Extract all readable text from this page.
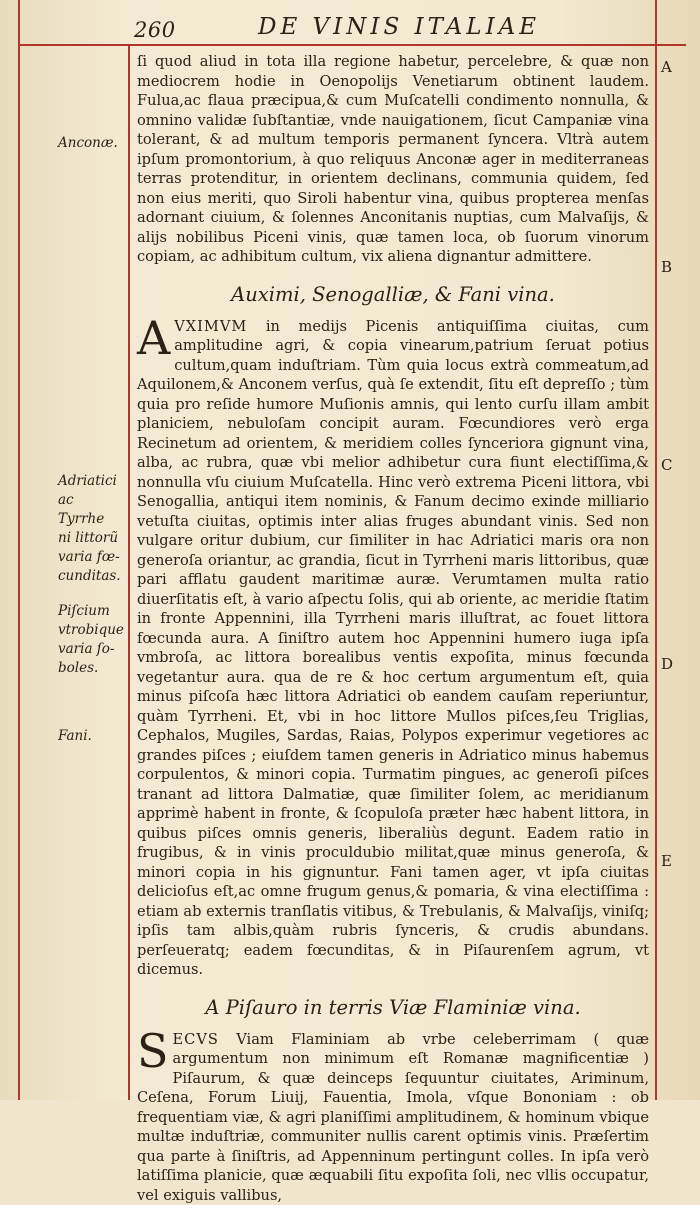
260	DE VINIS ITALIAE

ſi quod aliud in tota illa regione habetur, percelebre, & quæ non mediocrem hodie in Oenopolijs Venetiarum obtinent laudem. Fulua,ac flaua præcipua,& cum Muſcatelli condimento nonnulla, & omnino validæ ſubſtantiæ, vnde nauigationem, ſicut Campaniæ vina tolerant, & ad multum temporis permanent ſyncera. Vltrà autem ipſum promontorium, à quo reliquus Anconæ ager in mediterraneas terras protenditur, in orientem declinans, communia quidem, ſed non eius meriti, quo Siroli habentur vina, quibus propterea menſas adornant ciuium, & ſolennes Anconitanis nuptias, cum Malvaſijs, & alijs nobilibus Piceni vinis, quæ tamen loca, ob ſuorum vinorum copiam, ac adhibitum cultum, vix aliena dignantur admittere.

Auximi, Senogalliæ, & Fani vina.

AVXIMVM in medijs Picenis antiquiſſima ciuitas, cum amplitudine agri, & copia vinearum,patrium ſeruat potius cultum,quam induſtriam. Tùm quia locus extrà commeatum,ad Aquilonem,& Anconem verſus, quà ſe extendit, ſitu eſt depreſſo ; tùm quia pro reſide humore Muſionis amnis, qui lento curſu illam ambit planiciem, nebuloſam concipit auram. Fœcundiores verò erga Recinetum ad orientem, & meridiem colles ſynceriora gignunt vina, alba, ac rubra, quæ vbi melior adhibetur cura fiunt electiſſima,& nonnulla vſu ciuium Muſcatella. Hinc verò extrema Piceni littora, vbi Senogallia, antiqui item nominis, & Fanum decimo exinde milliario vetuſta ciuitas, optimis inter alias fruges abundant vinis. Sed non vulgare oritur dubium, cur ſimiliter in hac Adriatici maris ora non generoſa oriantur, ac grandia, ſicut in Tyrrheni maris littoribus, quæ pari afflatu gaudent maritimæ auræ. Verumtamen multa ratio diuerſitatis eſt, à vario aſpectu ſolis, qui ab oriente, ac meridie ſtatim in fronte Appennini, illa Tyrrheni maris illuſtrat, ac fouet littora fœcunda aura. A ſiniſtro autem hoc Appennini humero iuga ipſa vmbroſa, ac littora borealibus ventis expoſita, minus fœcunda vegetantur aura. qua de re & hoc certum argumentum eſt, quia minus piſcoſa hæc littora Adriatici ob eandem cauſam reperiuntur, quàm Tyrrheni. Et, vbi in hoc littore Mullos piſces,ſeu Triglias, Cephalos, Mugiles, Sardas, Raias, Polypos experimur vegetiores ac grandes piſces ; eiuſdem tamen generis in Adriatico minus habemus corpulentos, & minori copia. Turmatim pingues, ac generoſi piſces tranant ad littora Dalmatiæ, quæ ſimiliter ſolem, ac meridianum apprimè habent in fronte, & ſcopuloſa præter hæc habent littora, in quibus piſces omnis generis, liberaliùs degunt. Eadem ratio in frugibus, & in vinis proculdubio militat,quæ minus generoſa, & minori copia in his gignuntur. Fani tamen ager, vt ipſa ciuitas delicioſus eſt,ac omne frugum genus,& pomaria, & vina electiſſima : etiam ab externis tranſlatis vitibus, & Trebulanis, & Malvaſijs, viniſq; ipſis tam albis,quàm rubris ſynceris, & crudis abundans. perſeueratq; eadem fœcunditas, & in Piſaurenſem agrum, vt dicemus.

A Piſauro in terris Viæ Flaminiæ vina.

SECVS Viam Flaminiam ab vrbe celeberrimam ( quæ argumentum non minimum eſt Romanæ magnificentiæ ) Piſaurum, & quæ deinceps ſequuntur ciuitates, Ariminum, Ceſena, Forum Liuij, Fauentia, Imola, vſque Bononiam : ob frequentiam viæ, & agri planiſſimi amplitudinem, & hominum vbique multæ induſtriæ, communiter nullis carent optimis vinis. Præſertim qua parte à ſiniſtris, ad Appenninum pertingunt colles. In ipſa verò latiſſima planicie, quæ æquabili ſitu expoſita ſoli, nec vllis occupatur, vel exiguis vallibus,

Anconæ.
Adriatici
ac Tyrrhe
ni littorũ
varia fœ-
cunditas.
Piſcium
vtrobique
varia ſo-
boles.
Fani.
A
B
C
D
E
